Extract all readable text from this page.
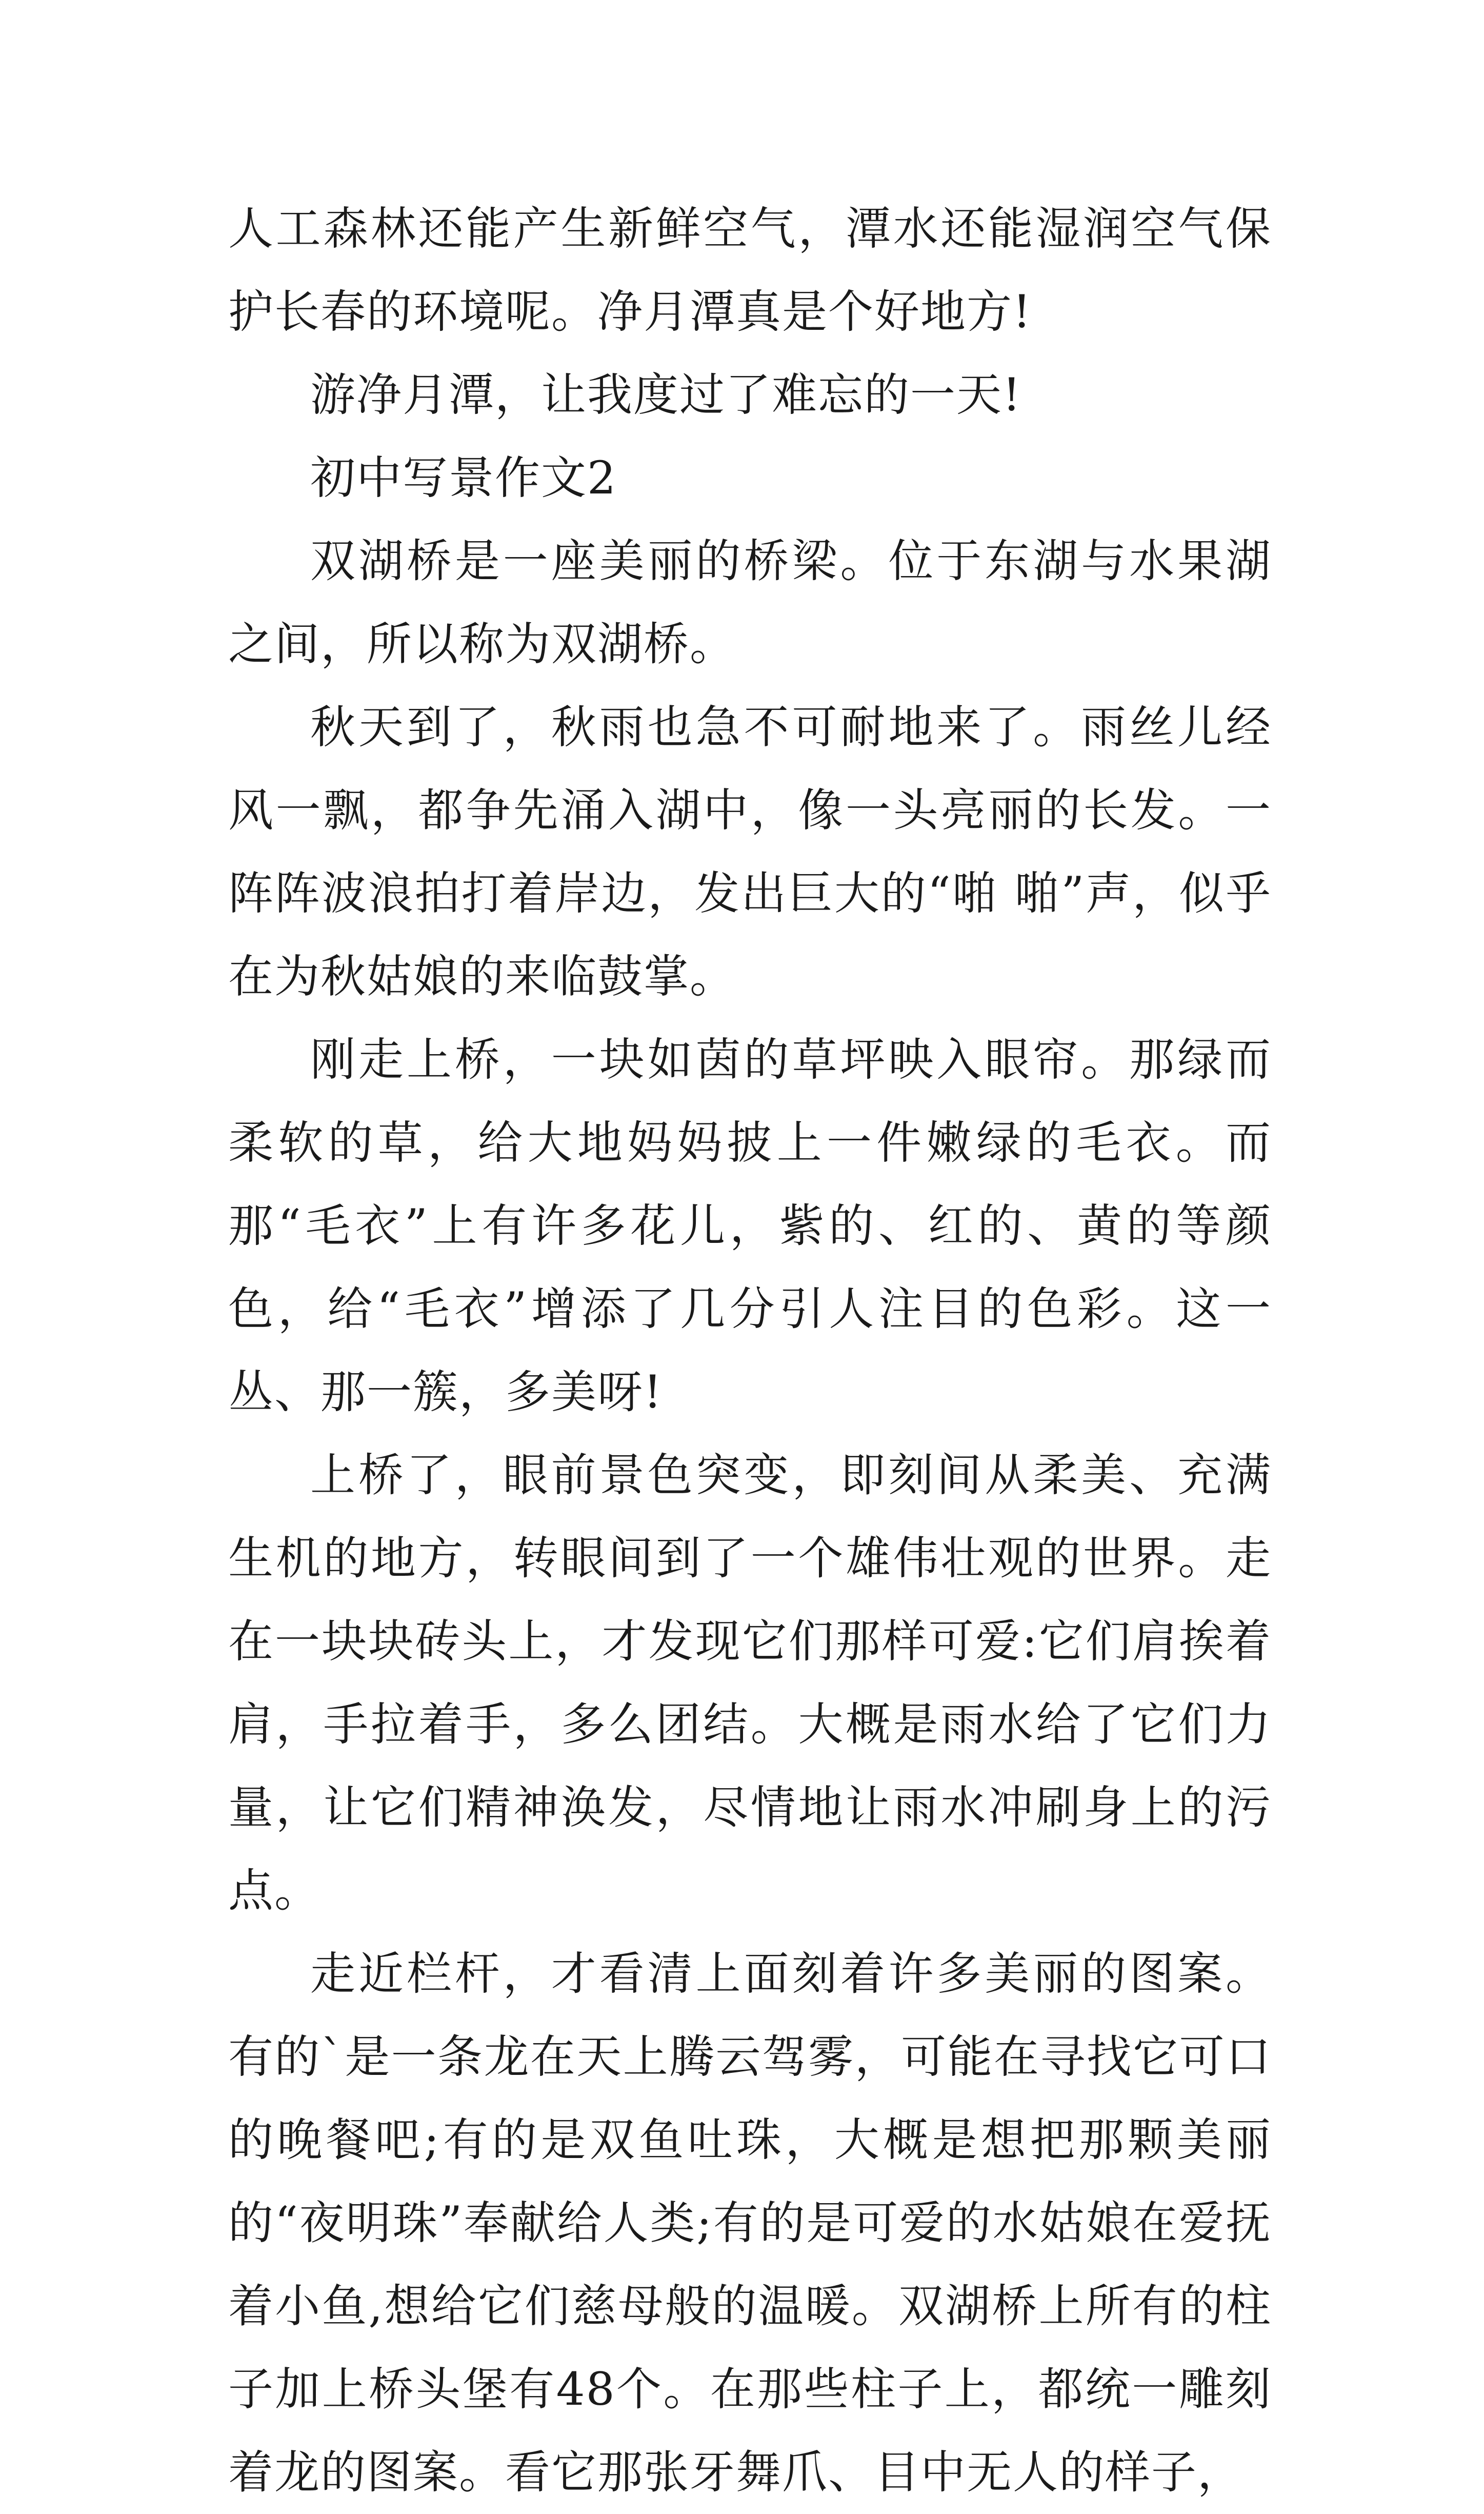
人工森林还能产生新鲜空气，潭水还能湿润空气保护长春的环境呢。净月潭真是个好地方!

游净月潭，让我度过了难忘的一天!

初中写景作文2

双湖桥是一座美丽的桥梁。位于东湖与水果湖之间，所以称为双湖桥。

秋天到了，秋雨也急不可耐地来了。雨丝儿经风一飘，都争先涌入湖中，像一头亮丽的长发。一阵阵波浪拍打着岸边，发出巨大的“啪 啪”声，似乎在为秋姑娘的来临鼓掌。

刚走上桥，一块如茵的草坪映入眼帘。那绿而柔软的草，给大地妈妈披上一件嫩绿的毛衣。而那“毛衣”上有许多花儿，紫的、红的、黄的等颜色，给“毛衣”增添了几分引人注目的色彩。这一丛、那一簇，多美呀!

上桥了，眼前景色突变，即刻间从柔美、充满生机的地方，转眼间到了一个雄伟壮观的世界。走在一块块砖头上，才发现它们那样可爱:它们肩挨着肩，手拉着手，多么团结。大概是雨水给了它们力量，让它们精神涣发，尽情地让雨水冲刷身上的污点。

走近栏杆，才看清上面刻着许多美丽的图案。有的`是一条龙在天上腾云驾雾，可能在寻找它可口的晚餐吧;有的是双鱼吐珠，大概是想把那颗美丽的“夜明珠”奉献给人类;有的是可爱的水姑娘在爱抚着小鱼,想给它们慈母般的温暖。双湖桥上所有的柱子加上桥头堡有48个。在那些柱子上，都统一雕刻着龙的图案。看它那张牙舞爪、目中无人的样子，
